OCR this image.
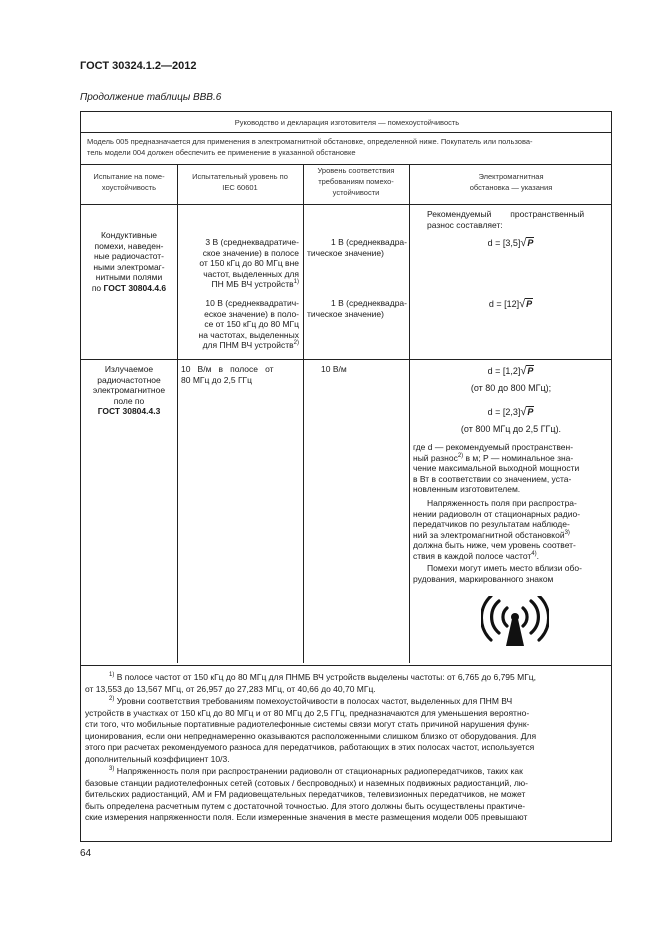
ГОСТ 30324.1.2—2012
Продолжение таблицы ВВВ.6
Руководство и декларация изготовителя — помехоустойчивость
Модель 005 предназначается для применения в электромагнитной обстановке, определенной ниже. Покупатель или пользова-
тель модели 004 должен обеспечить ее применение в указанной обстановке
Испытание на поме-
хоустойчивость
Испытательный уровень по
IEC 60601
Уровень соответствия
требованиям помехо-
устойчивости
Электромагнитная
обстановка — указания
Кондуктивные
помехи, наведен-
ные радиочастот-
ными электромаг-
нитными полями
по ГОСТ 30804.4.6
3 В (среднеквадратиче-
ское значение) в полосе
от 150 кГц до 80 МГц вне
частот, выделенных для
ПН МБ ВЧ устройств$^{1)}$
10 В (среднеквадратич-
еское значение) в поло-
се от 150 кГц до 80 МГц
на частотах, выделенных
для ПНМ ВЧ устройств$^{2)}$
1 В (среднеквадра-
тическое значение)
1 В (среднеквадра-
тическое значение)
Рекомендуемый        пространственный
разнос составляет:
d = [3,5]√P
d = [12]√P
Излучаемое
радиочастотное
электромагнитное
поле по
ГОСТ 30804.4.3
10   В/м   в   полосе   от
80 МГц до 2,5 ГГц
10 В/м	d = [1,2]√P
(от 80 до 800 МГц);
d = [2,3]√P
(от 800 МГц до 2,5 ГГц).
где d — рекомендуемый пространствен-
ный разнос$^{2)}$ в м; P — номинальное зна-
чение максимальной выходной мощности
в Вт в соответствии со значением, уста-
новленным изготовителем.
Напряженность поля при распростра-
нении радиоволн от стационарных радио-
передатчиков по результатам наблюде-
ний за электромагнитной обстановкой$^{3)}$
должна быть ниже, чем уровень соответ-
ствия в каждой полосе частот$^{4)}$.
Помехи могут иметь место вблизи обо-
рудования, маркированного знаком
$^{1)}$ В полосе частот от 150 кГц до 80 МГц для ПНМБ ВЧ устройств выделены частоты: от 6,765 до 6,795 МГц,
от 13,553 до 13,567 МГц, от 26,957 до 27,283 МГц, от 40,66 до 40,70 МГц.
$^{2)}$ Уровни соответствия требованиям помехоустойчивости в полосах частот, выделенных для ПНМ ВЧ
устройств в участках от 150 кГц до 80 МГц и от 80 МГц до 2,5 ГГц, предназначаются для уменьшения вероятно-
сти того, что мобильные портативные радиотелефонные системы связи могут стать причиной нарушения функ-
ционирования, если они непреднамеренно оказываются расположенными слишком близко от оборудования. Для
этого при расчетах рекомендуемого разноса для передатчиков, работающих в этих полосах частот, используется
дополнительный коэффициент 10/3.
$^{3)}$ Напряженность поля при распространении радиоволн от стационарных радиопередатчиков, таких как
базовые станции радиотелефонных сетей (сотовых / беспроводных) и наземных подвижных радиостанций, лю-
бительских радиостанций, АМ и FM радиовещательных передатчиков, телевизионных передатчиков, не может
быть определена расчетным путем с достаточной точностью. Для этого должны быть осуществлены практиче-
ские измерения напряженности поля. Если измеренные значения в месте размещения модели 005 превышают
64
